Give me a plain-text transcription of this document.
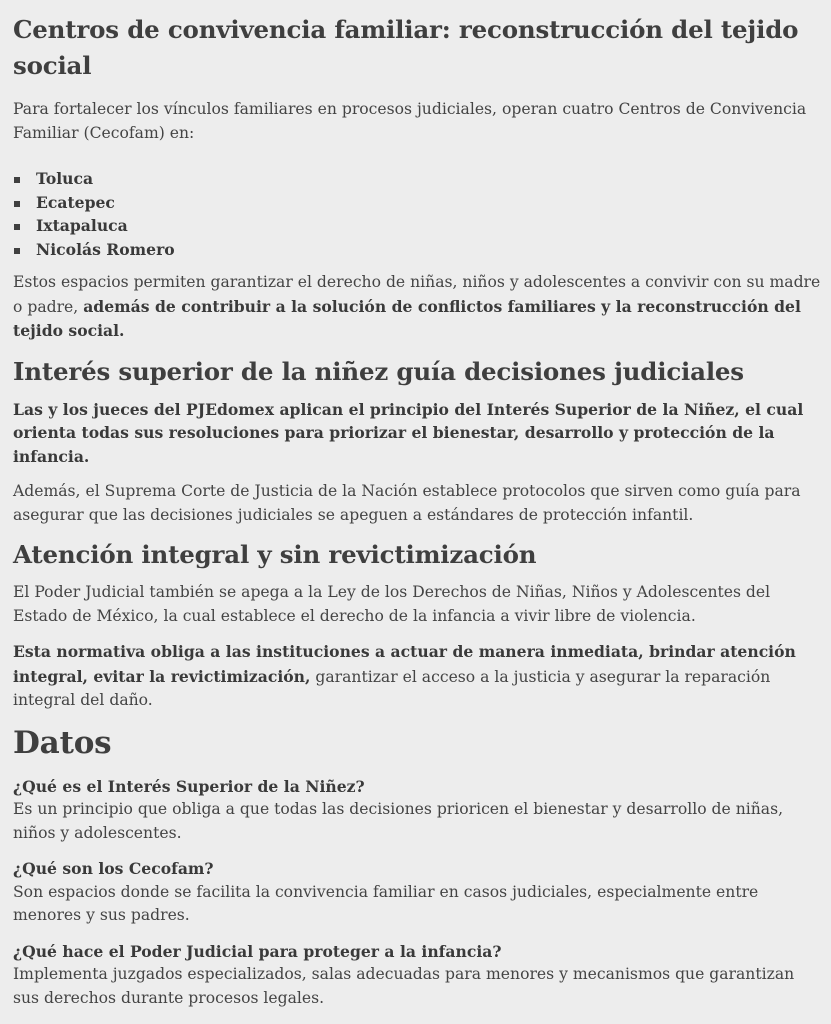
Centros de convivencia familiar: reconstrucción del tejido social

Para fortalecer los vínculos familiares en procesos judiciales, operan cuatro Centros de Convivencia Familiar (Cecofam) en:

Toluca
Ecatepec
Ixtapaluca
Nicolás Romero

Estos espacios permiten garantizar el derecho de niñas, niños y adolescentes a convivir con su madre o padre, además de contribuir a la solución de conflictos familiares y la reconstrucción del tejido social.

Interés superior de la niñez guía decisiones judiciales

Las y los jueces del PJEdomex aplican el principio del Interés Superior de la Niñez, el cual orienta todas sus resoluciones para priorizar el bienestar, desarrollo y protección de la infancia.

Además, el Suprema Corte de Justicia de la Nación establece protocolos que sirven como guía para asegurar que las decisiones judiciales se apeguen a estándares de protección infantil.

Atención integral y sin revictimización

El Poder Judicial también se apega a la Ley de los Derechos de Niñas, Niños y Adolescentes del Estado de México, la cual establece el derecho de la infancia a vivir libre de violencia.

Esta normativa obliga a las instituciones a actuar de manera inmediata, brindar atención integral, evitar la revictimización, garantizar el acceso a la justicia y asegurar la reparación integral del daño.

Datos
¿Qué es el Interés Superior de la Niñez?
Es un principio que obliga a que todas las decisiones prioricen el bienestar y desarrollo de niñas, niños y adolescentes.
¿Qué son los Cecofam?
Son espacios donde se facilita la convivencia familiar en casos judiciales, especialmente entre menores y sus padres.
¿Qué hace el Poder Judicial para proteger a la infancia?
Implementa juzgados especializados, salas adecuadas para menores y mecanismos que garantizan sus derechos durante procesos legales.
